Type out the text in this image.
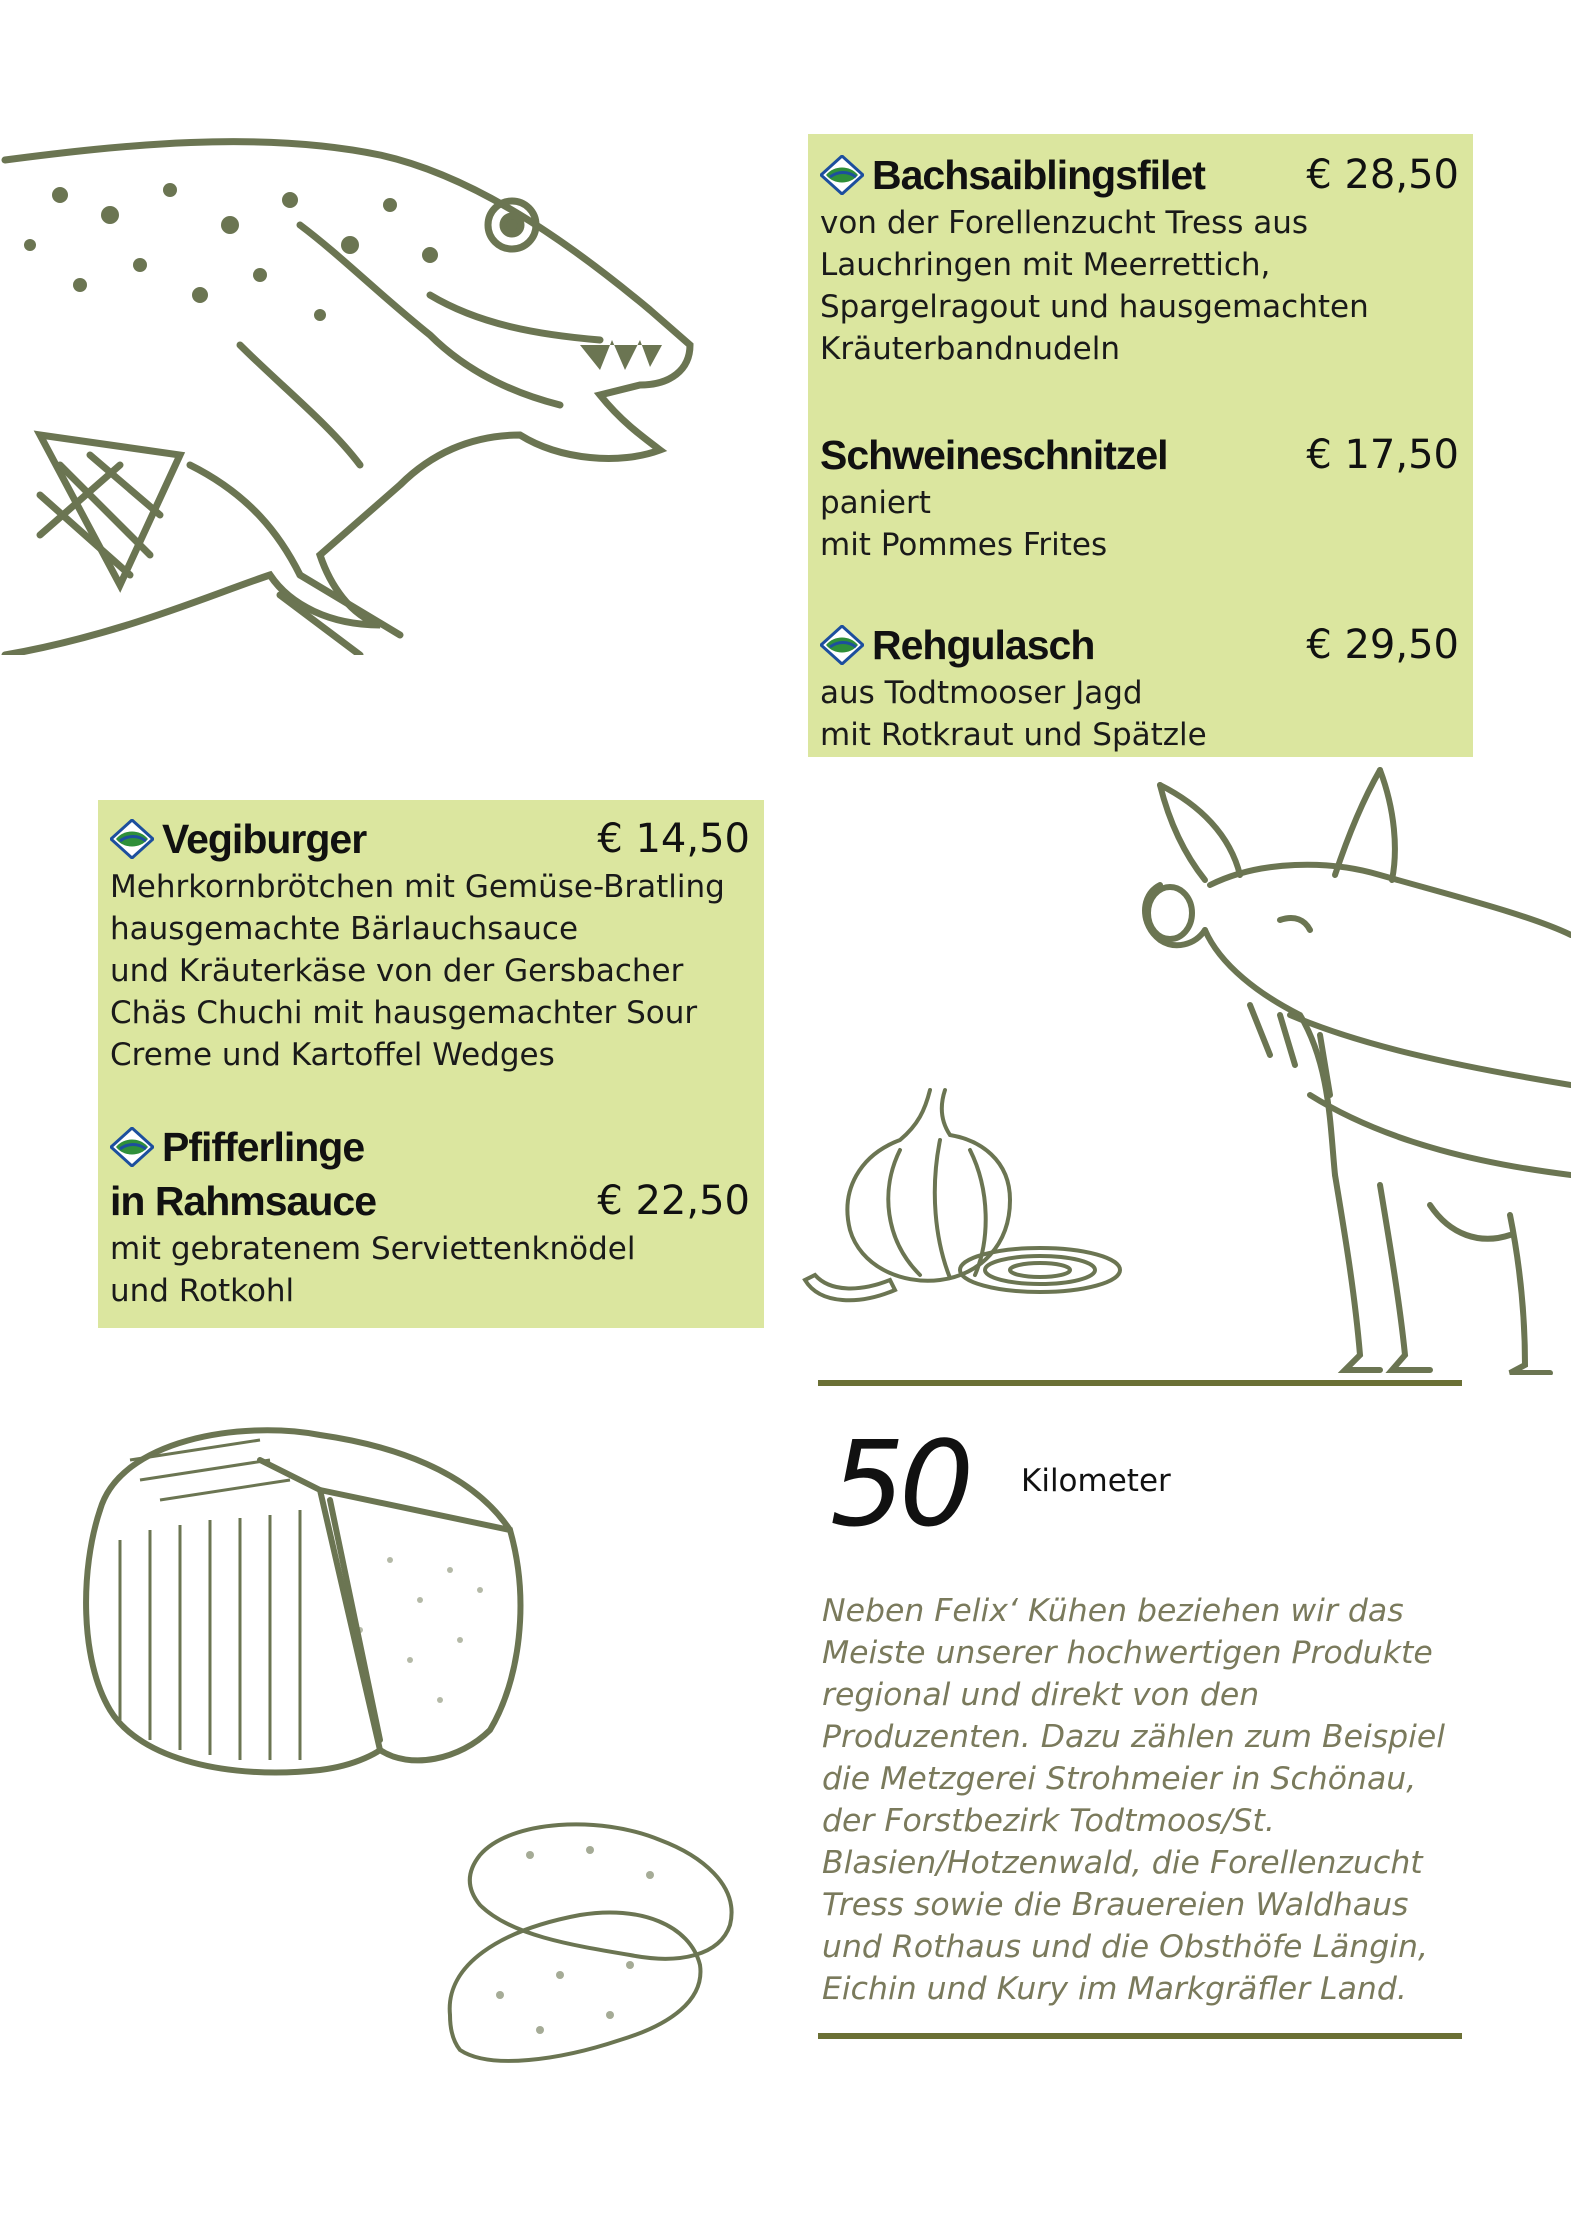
Bachsaiblingsfilet	€ 28,50
von der Forellenzucht Tress aus
Lauchringen mit Meerrettich,
Spargelragout und hausgemachten
Kräuterbandnudeln
Schweineschnitzel	€ 17,50
paniert
mit Pommes Frites
Rehgulasch	€ 29,50
aus Todtmooser Jagd
mit Rotkraut und Spätzle
Vegiburger	€ 14,50
Mehrkornbrötchen mit Gemüse-Bratling
hausgemachte Bärlauchsauce
und Kräuterkäse von der Gersbacher
Chäs Chuchi mit hausgemachter Sour
Creme und Kartoffel Wedges
Pfifferlinge
in Rahmsauce	€ 22,50
mit gebratenem Serviettenknödel
und Rotkohl
50 Kilometer
Neben Felix‘ Kühen beziehen wir das
Meiste unserer hochwertigen Produkte
regional und direkt von den
Produzenten. Dazu zählen zum Beispiel
die Metzgerei Strohmeier in Schönau,
der Forstbezirk Todtmoos/St.
Blasien/Hotzenwald, die Forellenzucht
Tress sowie die Brauereien Waldhaus
und Rothaus und die Obsthöfe Längin,
Eichin und Kury im Markgräfler Land.
